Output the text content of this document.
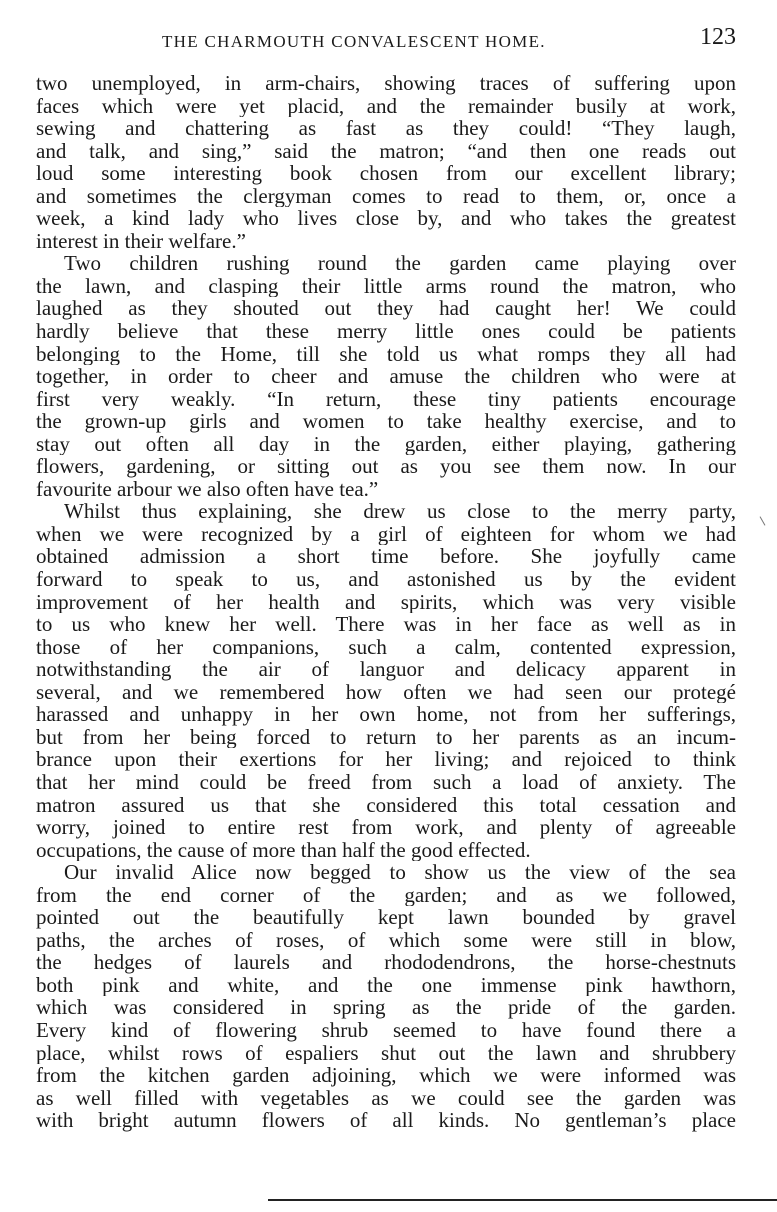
THE CHARMOUTH CONVALESCENT HOME.	123
two unemployed, in arm-chairs, showing traces of suffering upon
faces which were yet placid, and the remainder busily at work,
sewing and chattering as fast as they could! “They laugh,
and talk, and sing,” said the matron; “and then one reads out
loud some interesting book chosen from our excellent library;
and sometimes the clergyman comes to read to them, or, once a
week, a kind lady who lives close by, and who takes the greatest
interest in their welfare.”
Two children rushing round the garden came playing over
the lawn, and clasping their little arms round the matron, who
laughed as they shouted out they had caught her! We could
hardly believe that these merry little ones could be patients
belonging to the Home, till she told us what romps they all had
together, in order to cheer and amuse the children who were at
first very weakly. “In return, these tiny patients encourage
the grown-up girls and women to take healthy exercise, and to
stay out often all day in the garden, either playing, gathering
flowers, gardening, or sitting out as you see them now. In our
favourite arbour we also often have tea.”
Whilst thus explaining, she drew us close to the merry party,
when we were recognized by a girl of eighteen for whom we had
obtained admission a short time before. She joyfully came
forward to speak to us, and astonished us by the evident
improvement of her health and spirits, which was very visible
to us who knew her well. There was in her face as well as in
those of her companions, such a calm, contented expression,
notwithstanding the air of languor and delicacy apparent in
several, and we remembered how often we had seen our protegé
harassed and unhappy in her own home, not from her sufferings,
but from her being forced to return to her parents as an incum-
brance upon their exertions for her living; and rejoiced to think
that her mind could be freed from such a load of anxiety. The
matron assured us that she considered this total cessation and
worry, joined to entire rest from work, and plenty of agreeable
occupations, the cause of more than half the good effected.
Our invalid Alice now begged to show us the view of the sea
from the end corner of the garden; and as we followed,
pointed out the beautifully kept lawn bounded by gravel
paths, the arches of roses, of which some were still in blow,
the hedges of laurels and rhododendrons, the horse-chestnuts
both pink and white, and the one immense pink hawthorn,
which was considered in spring as the pride of the garden.
Every kind of flowering shrub seemed to have found there a
place, whilst rows of espaliers shut out the lawn and shrubbery
from the kitchen garden adjoining, which we were informed was
as well filled with vegetables as we could see the garden was
with bright autumn flowers of all kinds. No gentleman’s place
